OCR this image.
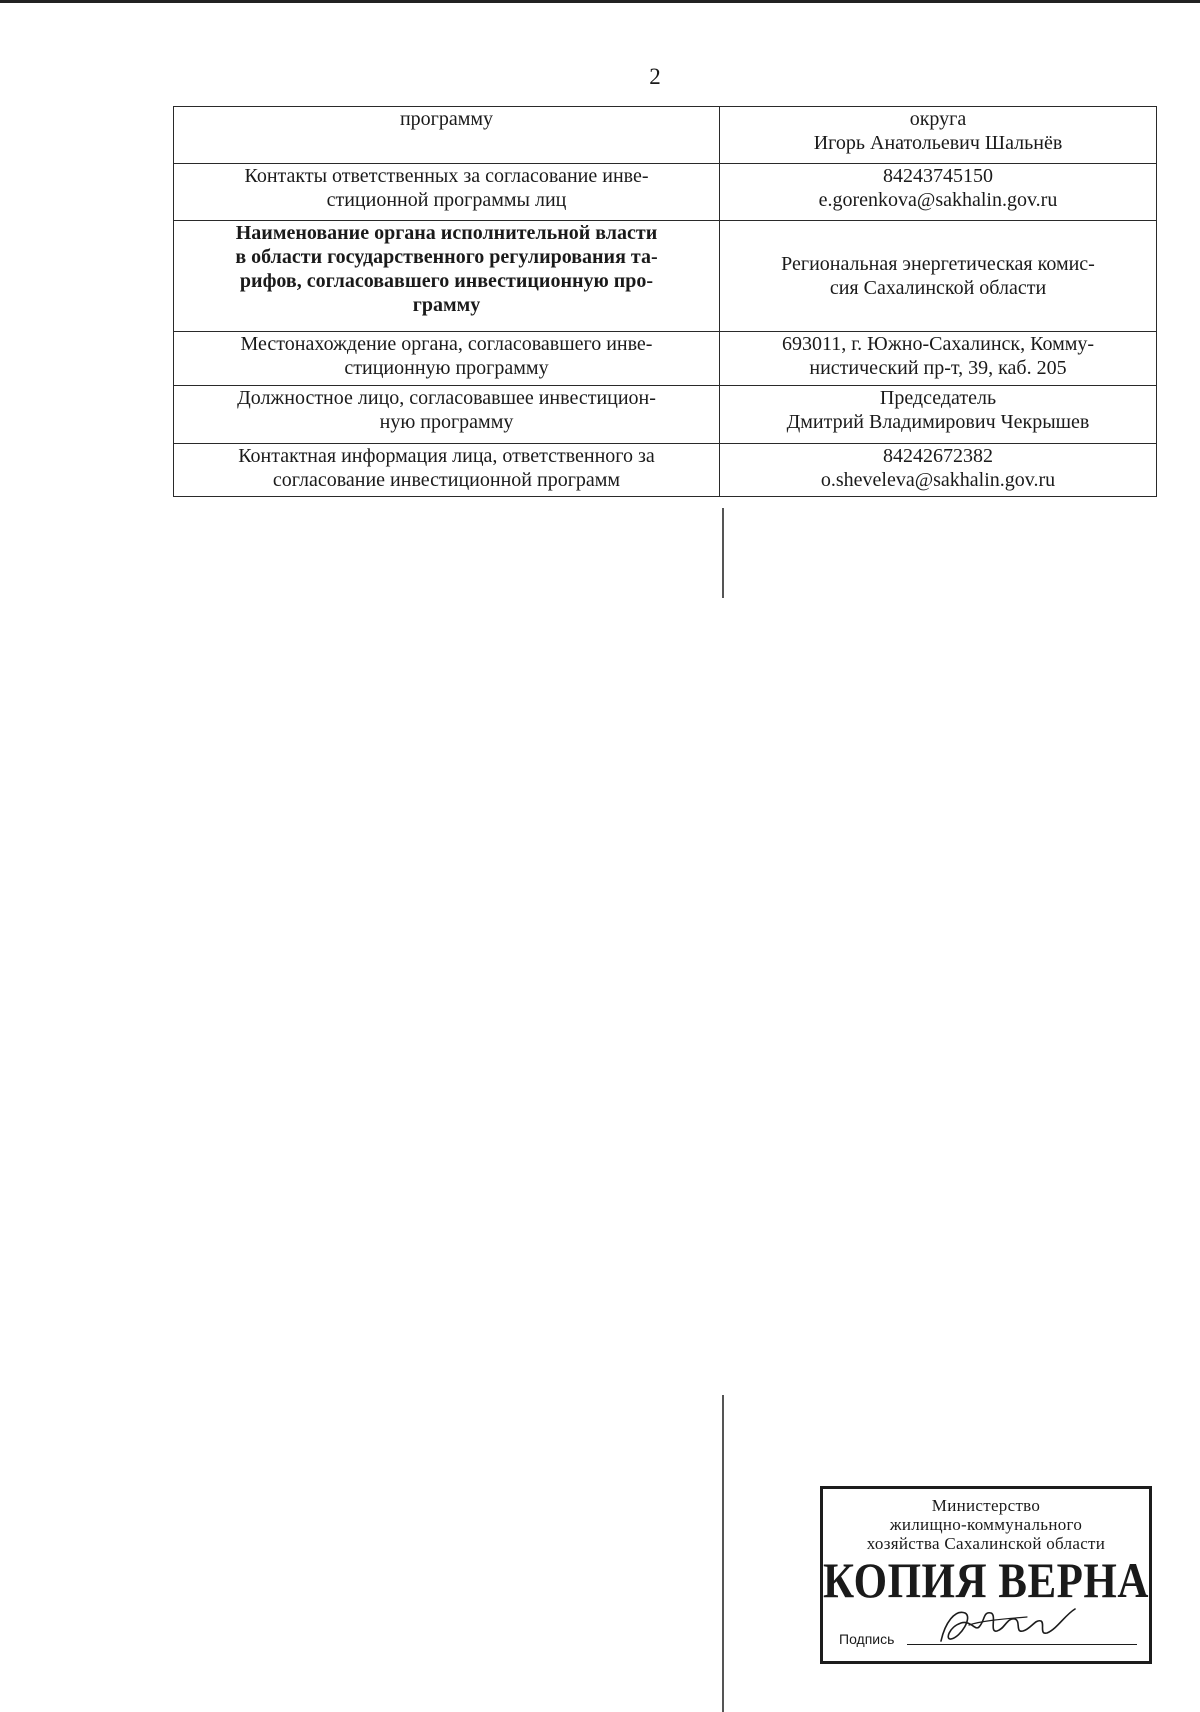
2
программу	округа
Игорь Анатольевич Шальнёв

Контакты ответственных за согласование инве-
стиционной программы лиц	84243745150
e.gorenkova@sakhalin.gov.ru

Наименование органа исполнительной власти
в области государственного регулирования та-
рифов, согласовавшего инвестиционную про-
грамму	Региональная энергетическая комис-
сия Сахалинской области

Местонахождение органа, согласовавшего инве-
стиционную программу	693011, г. Южно-Сахалинск, Комму-
нистический пр-т, 39, каб. 205

Должностное лицо, согласовавшее инвестицион-
ную программу	Председатель
Дмитрий Владимирович Чекрышев

Контактная информация лица, ответственного за
согласование инвестиционной программ	84242672382
o.sheveleva@sakhalin.gov.ru
Министерство
жилищно-коммунального
хозяйства Сахалинской области
КОПИЯ ВЕРНА
Подпись
